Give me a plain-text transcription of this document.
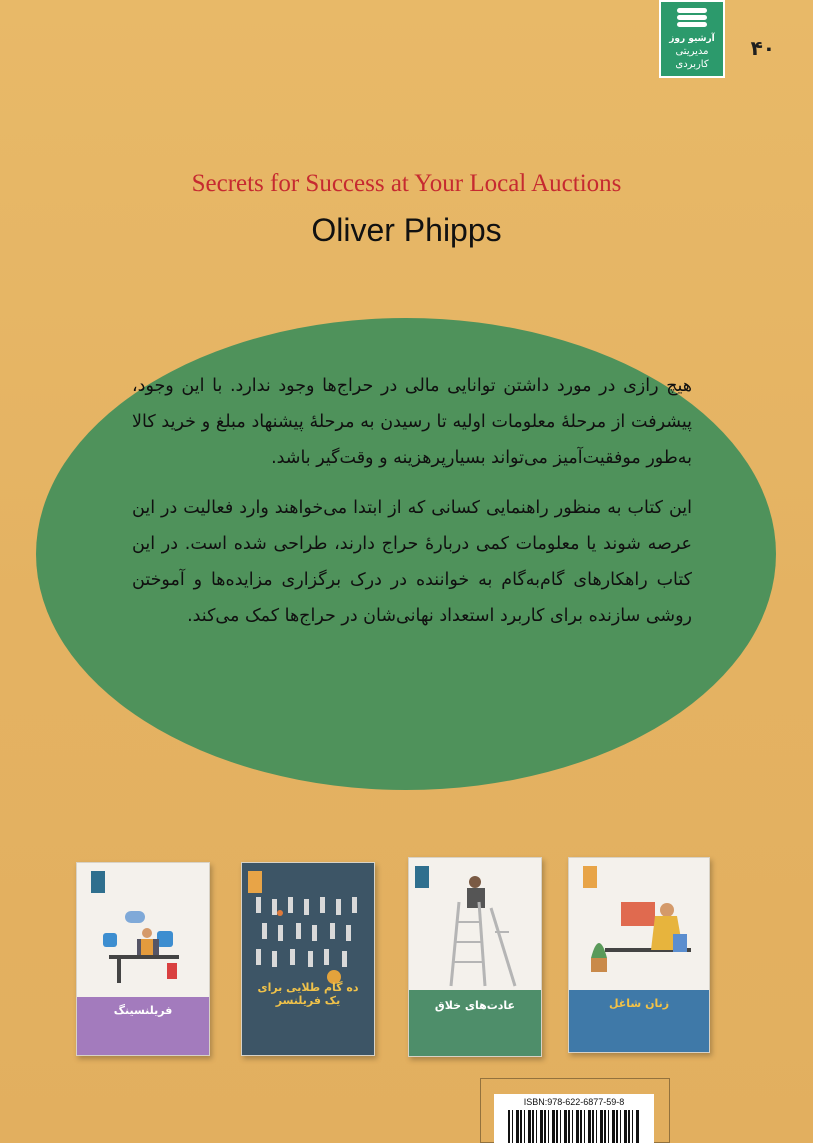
آرشیو روز
مدیریتی
کاربردی
۴۰
Secrets for Success at Your Local Auctions
Oliver Phipps

هیچ رازی در مورد داشتن توانایی مالی در حراج‌ها وجود ندارد. با این وجود، پیشرفت از مرحلهٔ معلومات اولیه تا رسیدن به مرحلهٔ پیشنهاد مبلغ و خرید کالا به‌طور موفقیت‌آمیز می‌تواند بسیارپرهزینه و وقت‌گیر باشد.

این کتاب به منظور راهنمایی کسانی که از ابتدا می‌خواهند وارد فعالیت در این عرصه شوند یا معلومات کمی دربارهٔ حراج دارند، طراحی شده است. در این کتاب راهکارهای گام‌به‌گام به خواننده در درک برگزاری مزایده‌ها و آموختن روشی سازنده برای کاربرد استعداد نهانی‌شان در حراج‌ها کمک می‌کند.

فریلنسینگ
ده گام طلایی برای یک فریلنسر	عادت‌های خلاق	زنان شاغل
ISBN:978-622-6877-59-8
